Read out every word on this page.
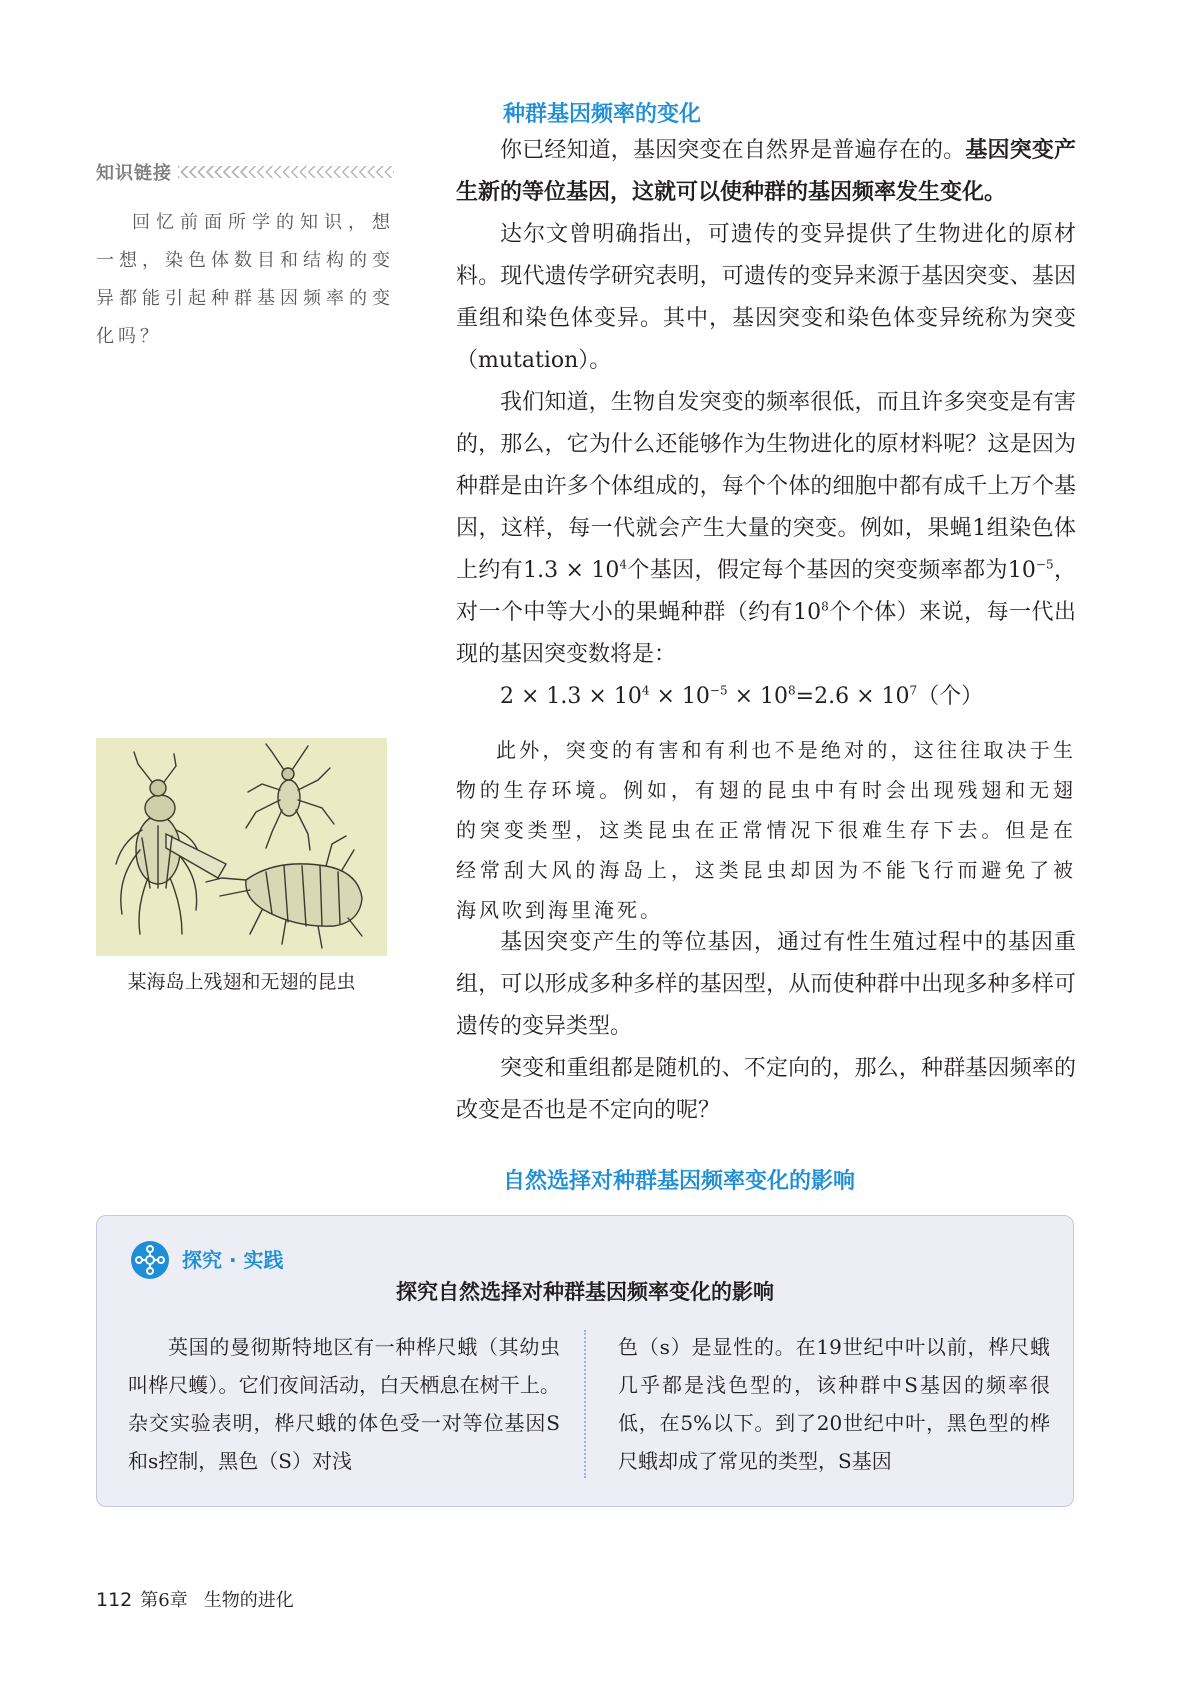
知识链接

回忆前面所学的知识，想一想，染色体数目和结构的变异都能引起种群基因频率的变化吗？

某海岛上残翅和无翅的昆虫

种群基因频率的变化

你已经知道，基因突变在自然界是普遍存在的。基因突变产生新的等位基因，这就可以使种群的基因频率发生变化。

达尔文曾明确指出，可遗传的变异提供了生物进化的原材料。现代遗传学研究表明，可遗传的变异来源于基因突变、基因重组和染色体变异。其中，基因突变和染色体变异统称为突变（mutation）。

我们知道，生物自发突变的频率很低，而且许多突变是有害的，那么，它为什么还能够作为生物进化的原材料呢？这是因为种群是由许多个体组成的，每个个体的细胞中都有成千上万个基因，这样，每一代就会产生大量的突变。例如，果蝇1组染色体上约有$1.3 \times 10^4$个基因，假定每个基因的突变频率都为$10^{-5}$，对一个中等大小的果蝇种群（约有$10^8$个个体）来说，每一代出现的基因突变数将是：

$2 \times 1.3 \times 10^4 \times 10^{-5} \times 10^8=2.6 \times 10^7$（个）

此外，突变的有害和有利也不是绝对的，这往往取决于生物的生存环境。例如，有翅的昆虫中有时会出现残翅和无翅的突变类型，这类昆虫在正常情况下很难生存下去。但是在经常刮大风的海岛上，这类昆虫却因为不能飞行而避免了被海风吹到海里淹死。

基因突变产生的等位基因，通过有性生殖过程中的基因重组，可以形成多种多样的基因型，从而使种群中出现多种多样可遗传的变异类型。

突变和重组都是随机的、不定向的，那么，种群基因频率的改变是否也是不定向的呢？

自然选择对种群基因频率变化的影响
探究 · 实践
探究自然选择对种群基因频率变化的影响

英国的曼彻斯特地区有一种桦尺蛾（其幼虫叫桦尺蠖）。它们夜间活动，白天栖息在树干上。杂交实验表明，桦尺蛾的体色受一对等位基因S和s控制，黑色（S）对浅

色（s）是显性的。在19世纪中叶以前，桦尺蛾几乎都是浅色型的，该种群中S基因的频率很低，在5%以下。到了20世纪中叶，黑色型的桦尺蛾却成了常见的类型，S基因

112 第6章 生物的进化
